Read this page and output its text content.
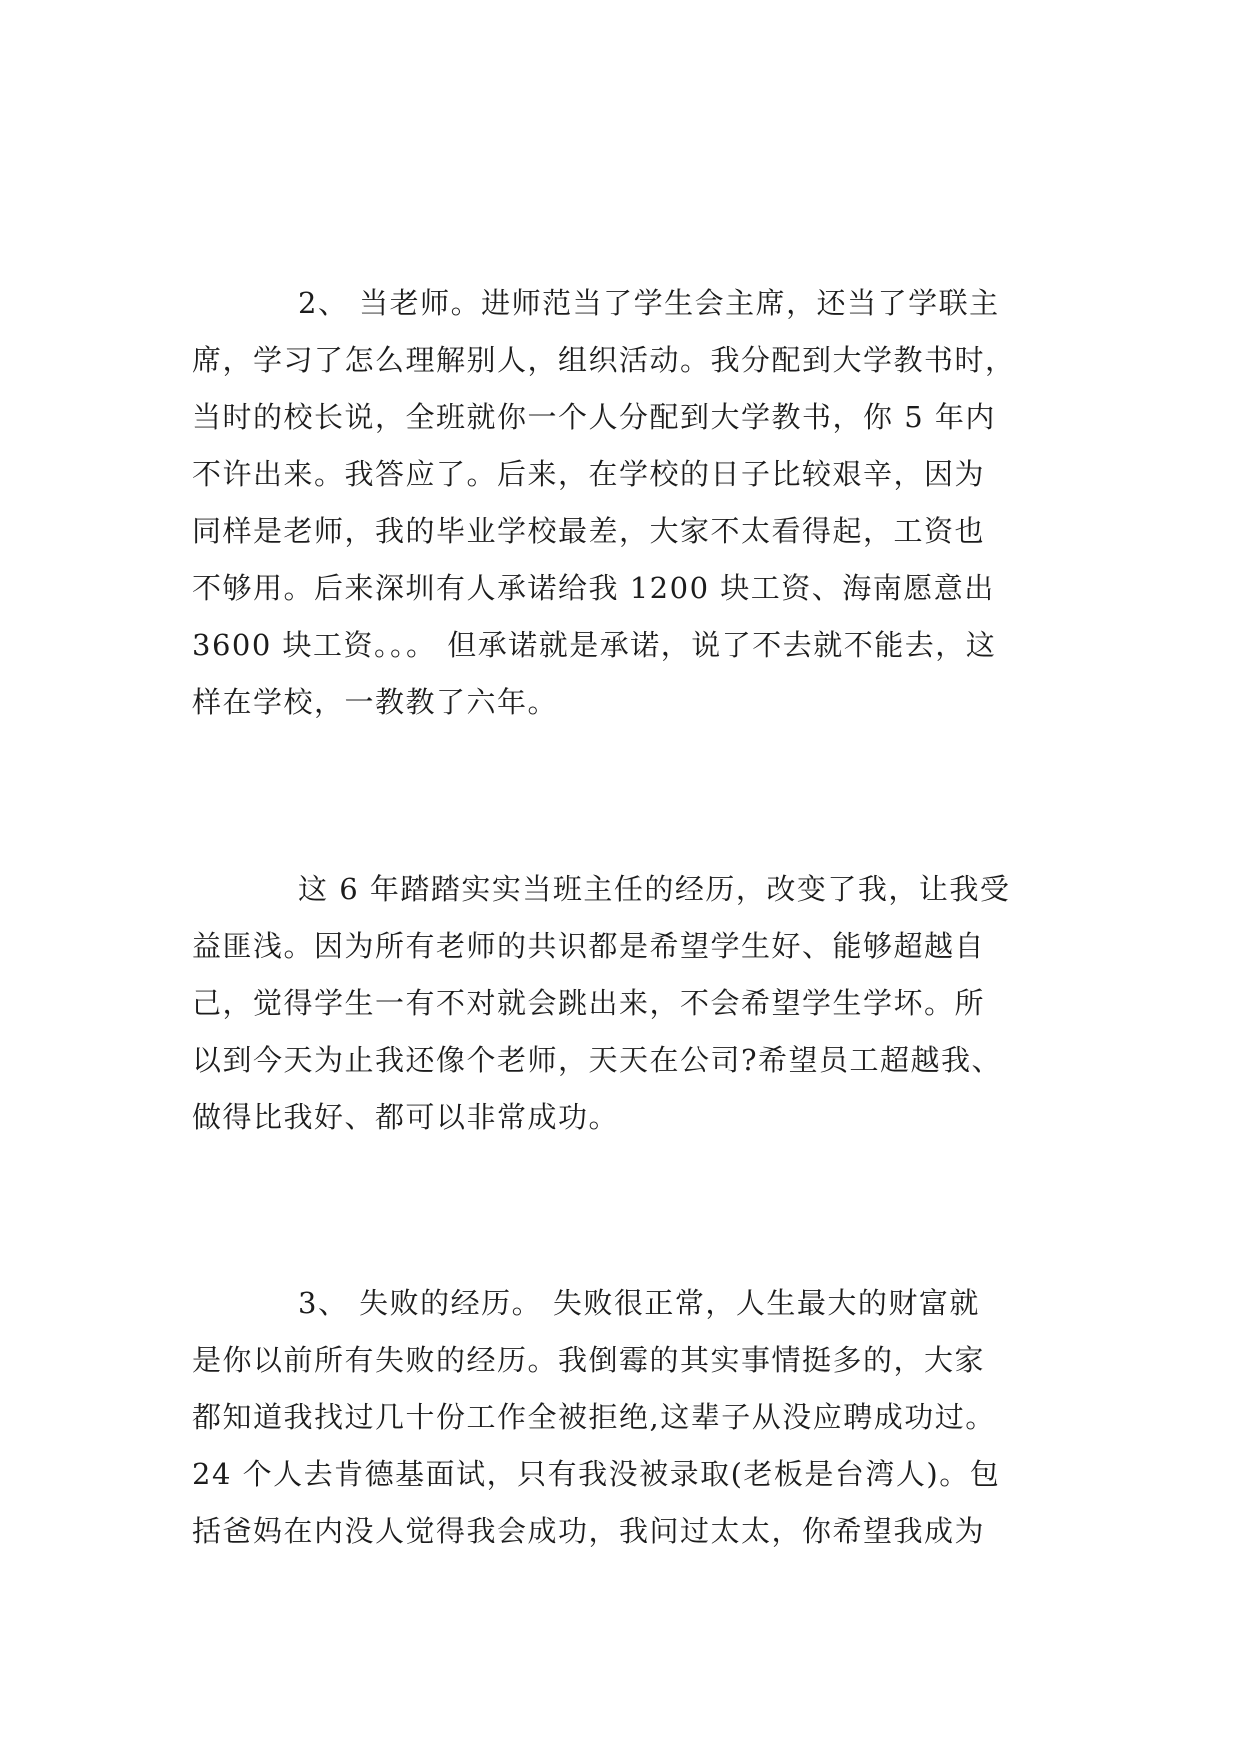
2、 当老师。进师范当了学生会主席，还当了学联主
席，学习了怎么理解别人，组织活动。我分配到大学教书时，
当时的校长说，全班就你一个人分配到大学教书，你 5 年内
不许出来。我答应了。后来，在学校的日子比较艰辛，因为
同样是老师，我的毕业学校最差，大家不太看得起，工资也
不够用。后来深圳有人承诺给我 1200 块工资、海南愿意出
3600 块工资。。。 但承诺就是承诺，说了不去就不能去，这
样在学校，一教教了六年。
这 6 年踏踏实实当班主任的经历，改变了我，让我受
益匪浅。因为所有老师的共识都是希望学生好、能够超越自
己，觉得学生一有不对就会跳出来，不会希望学生学坏。所
以到今天为止我还像个老师，天天在公司?希望员工超越我、
做得比我好、都可以非常成功。
3、 失败的经历。 失败很正常，人生最大的财富就
是你以前所有失败的经历。我倒霉的其实事情挺多的，大家
都知道我找过几十份工作全被拒绝,这辈子从没应聘成功过。
24 个人去肯德基面试，只有我没被录取(老板是台湾人)。包
括爸妈在内没人觉得我会成功，我问过太太，你希望我成为
